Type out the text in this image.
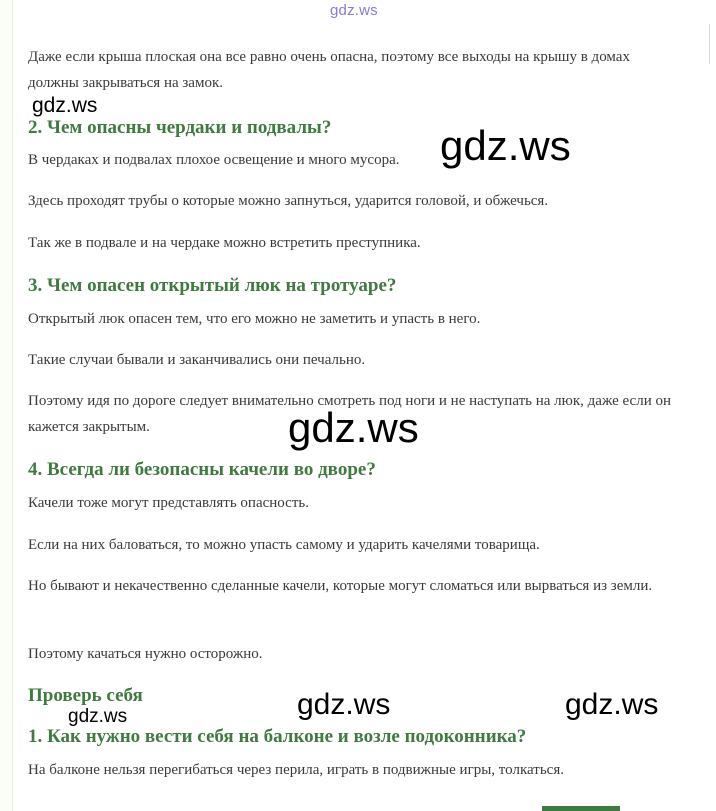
gdz.ws

Даже если крыша плоская она все равно очень опасна, поэтому все выходы на крышу в домах должны закрываться на замок.

2. Чем опасны чердаки и подвалы?

В чердаках и подвалах плохое освещение и много мусора.

Здесь проходят трубы о которые можно запнуться, ударится головой, и обжечься.

Так же в подвале и на чердаке можно встретить преступника.

3. Чем опасен открытый люк на тротуаре?

Открытый люк опасен тем, что его можно не заметить и упасть в него.

Такие случаи бывали и заканчивались они печально.

Поэтому идя по дороге следует внимательно смотреть под ноги и не наступать на люк, даже если он кажется закрытым.

4. Всегда ли безопасны качели во дворе?

Качели тоже могут представлять опасность.

Если на них баловаться, то можно упасть самому и ударить качелями товарища.

Но бывают и некачественно сделанные качели, которые могут сломаться или вырваться из земли.

Поэтому качаться нужно осторожно.

Проверь себя
1. Как нужно вести себя на балконе и возле подоконника?

На балконе нельзя перегибаться через перила, играть в подвижные игры, толкаться.

gdz.ws
gdz.ws
gdz.ws
gdz.ws	gdz.ws
gdz.ws
